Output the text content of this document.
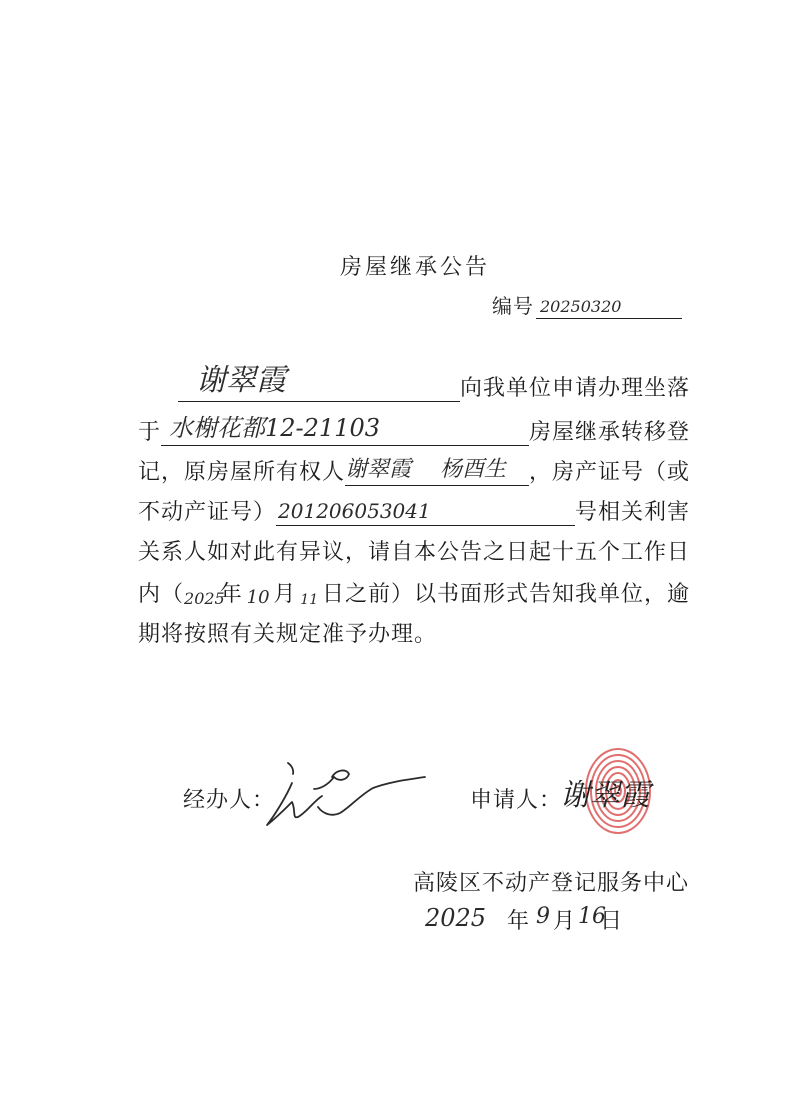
房屋继承公告
编号 20250320
谢翠霞	向我单位申请办理坐落
于 水榭花都12-21103	房屋继承转移登
记，原房屋所有权人 谢翠霞 杨酉生 ，房产证号（或
不动产证号） 201206053041	号相关利害
关系人如对此有异议，请自本公告之日起十五个工作日
内（ 2025
年 10 月 11 日之前）以书面形式告知我单位，逾
期将按照有关规定准予办理。
经办人：	申请人：
谢翠霞
高陵区不动产登记服务中心
2025 年 9 月 16
日
